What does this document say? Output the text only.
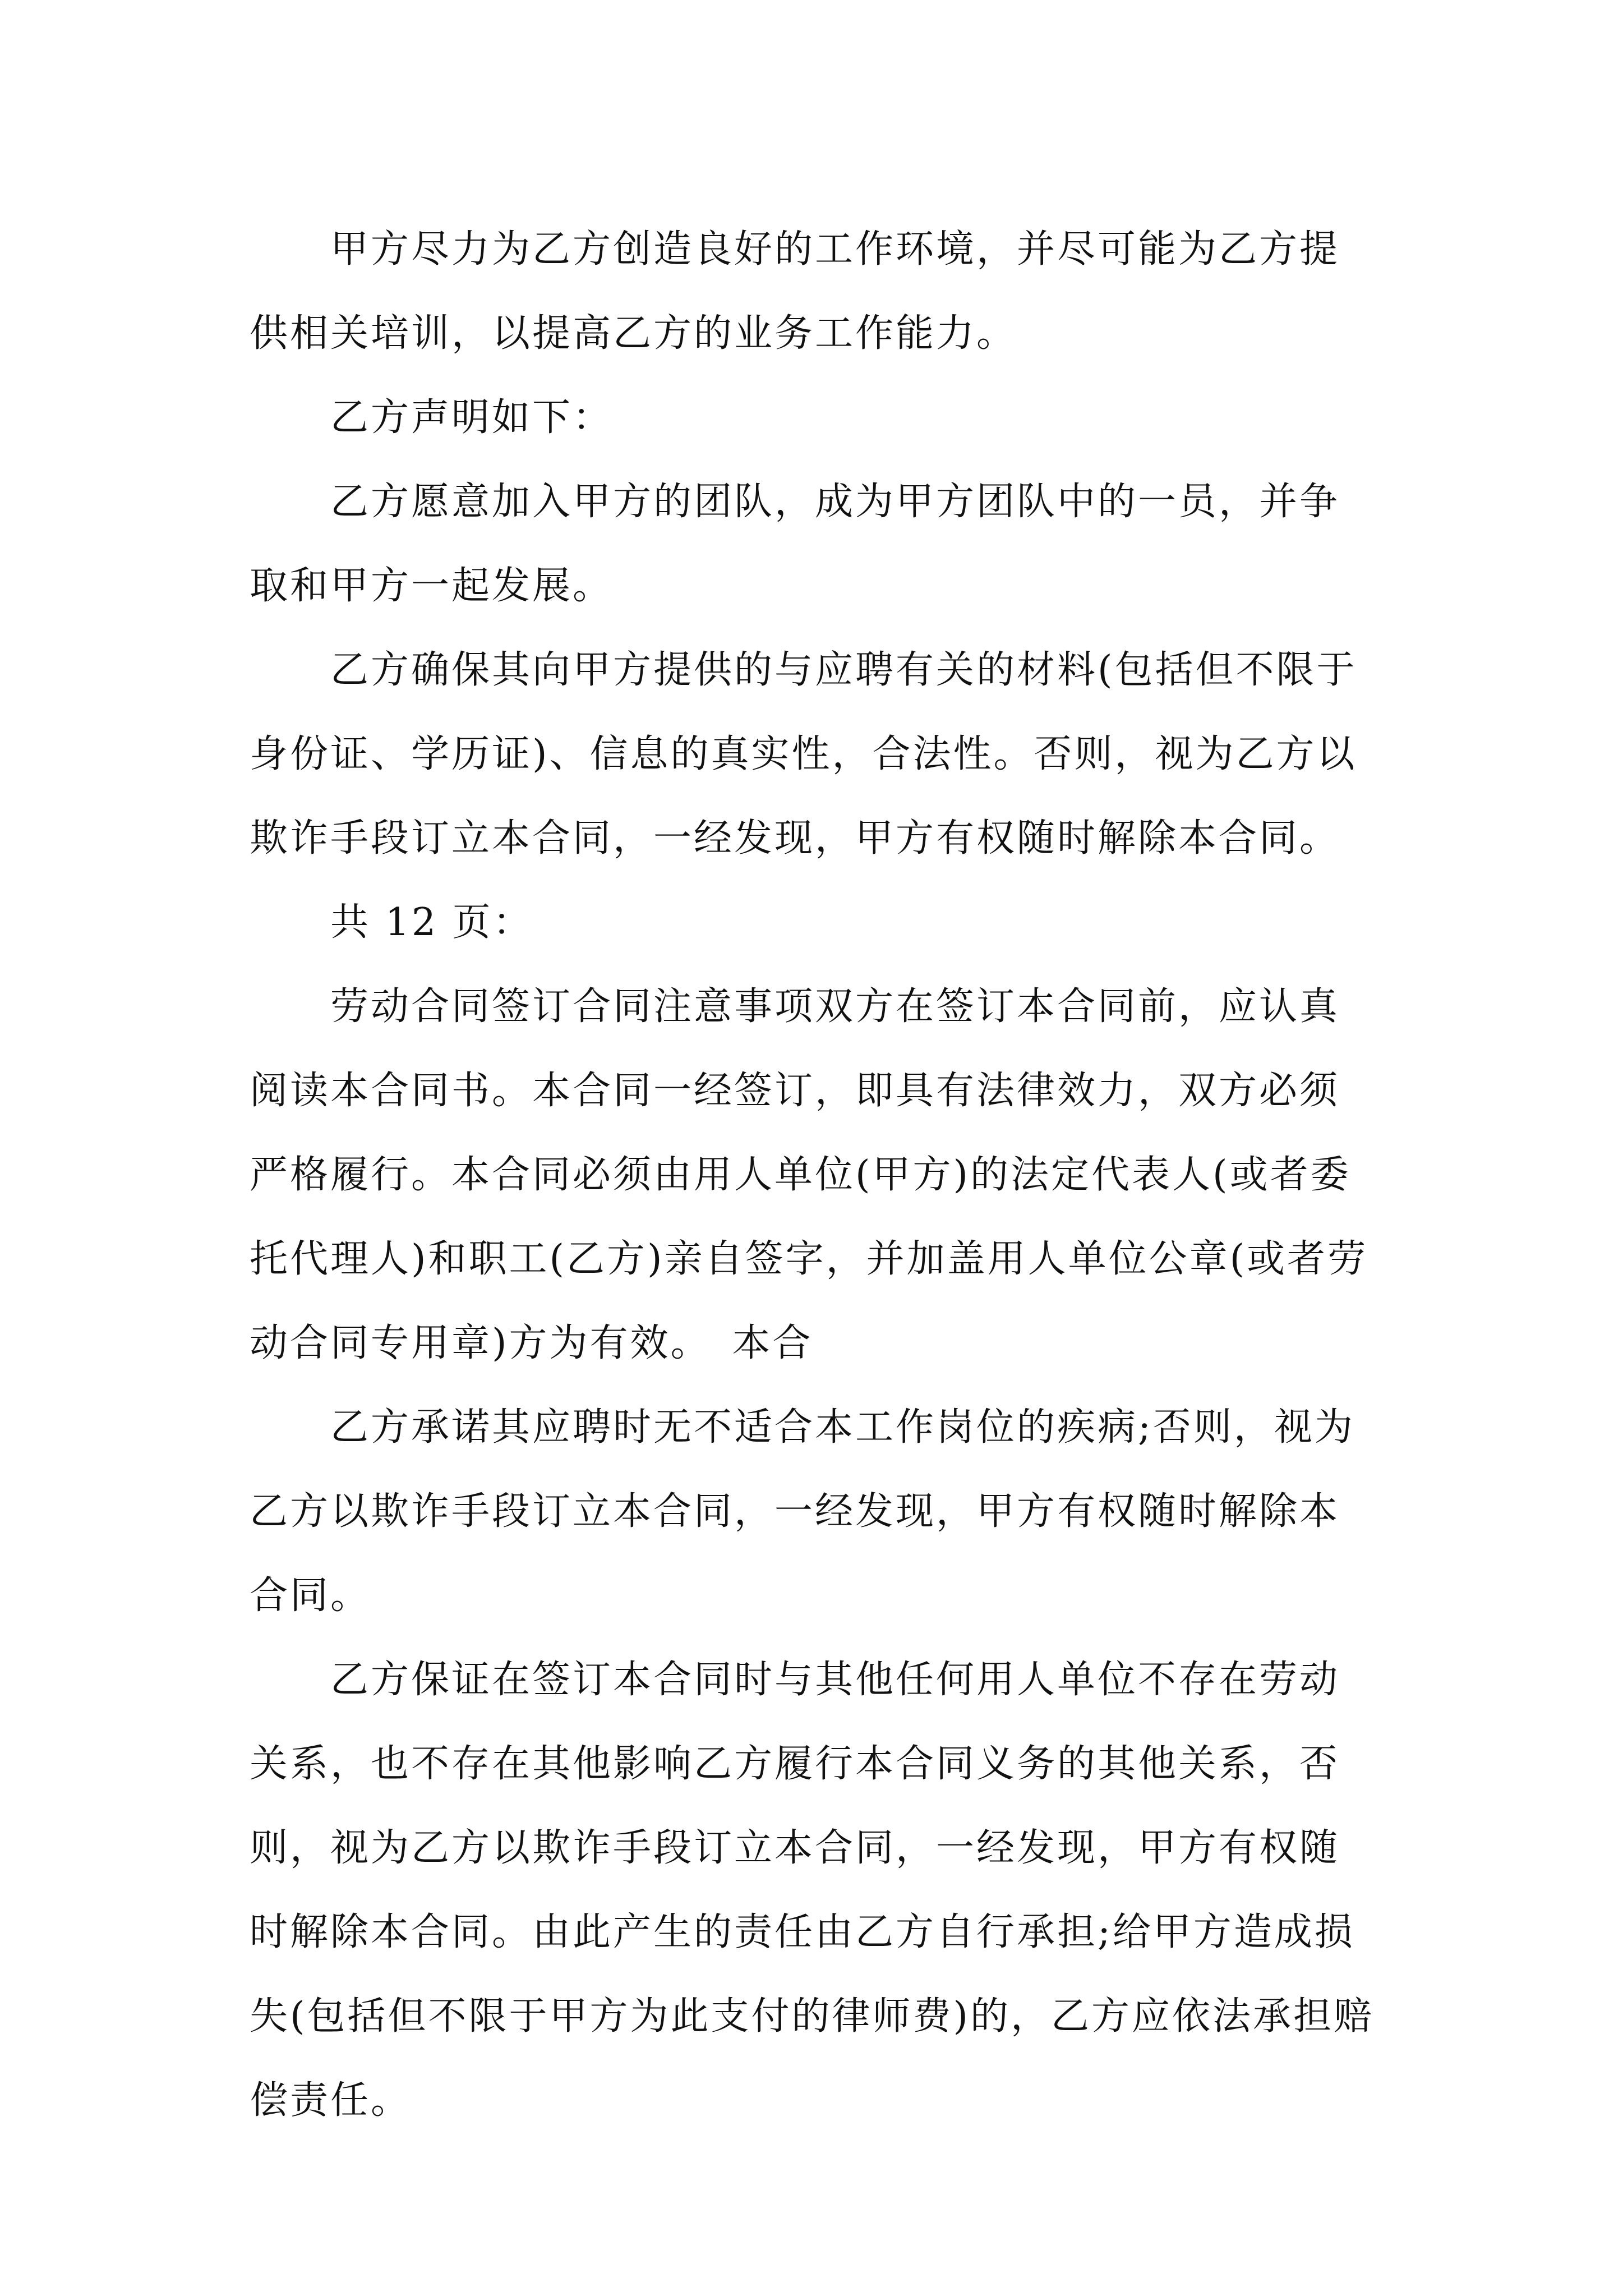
甲方尽力为乙方创造良好的工作环境，并尽可能为乙方提供相关培训，以提高乙方的业务工作能力。

乙方声明如下：

乙方愿意加入甲方的团队，成为甲方团队中的一员，并争取和甲方一起发展。

乙方确保其向甲方提供的与应聘有关的材料(包括但不限于身份证、学历证)、信息的真实性，合法性。否则，视为乙方以欺诈手段订立本合同，一经发现，甲方有权随时解除本合同。

共 12 页：

劳动合同签订合同注意事项双方在签订本合同前，应认真阅读本合同书。本合同一经签订，即具有法律效力，双方必须严格履行。本合同必须由用人单位(甲方)的法定代表人(或者委托代理人)和职工(乙方)亲自签字，并加盖用人单位公章(或者劳动合同专用章)方为有效。　本合

乙方承诺其应聘时无不适合本工作岗位的疾病;否则，视为乙方以欺诈手段订立本合同，一经发现，甲方有权随时解除本合同。

乙方保证在签订本合同时与其他任何用人单位不存在劳动关系，也不存在其他影响乙方履行本合同义务的其他关系，否则，视为乙方以欺诈手段订立本合同，一经发现，甲方有权随时解除本合同。由此产生的责任由乙方自行承担;给甲方造成损失(包括但不限于甲方为此支付的律师费)的，乙方应依法承担赔偿责任。
